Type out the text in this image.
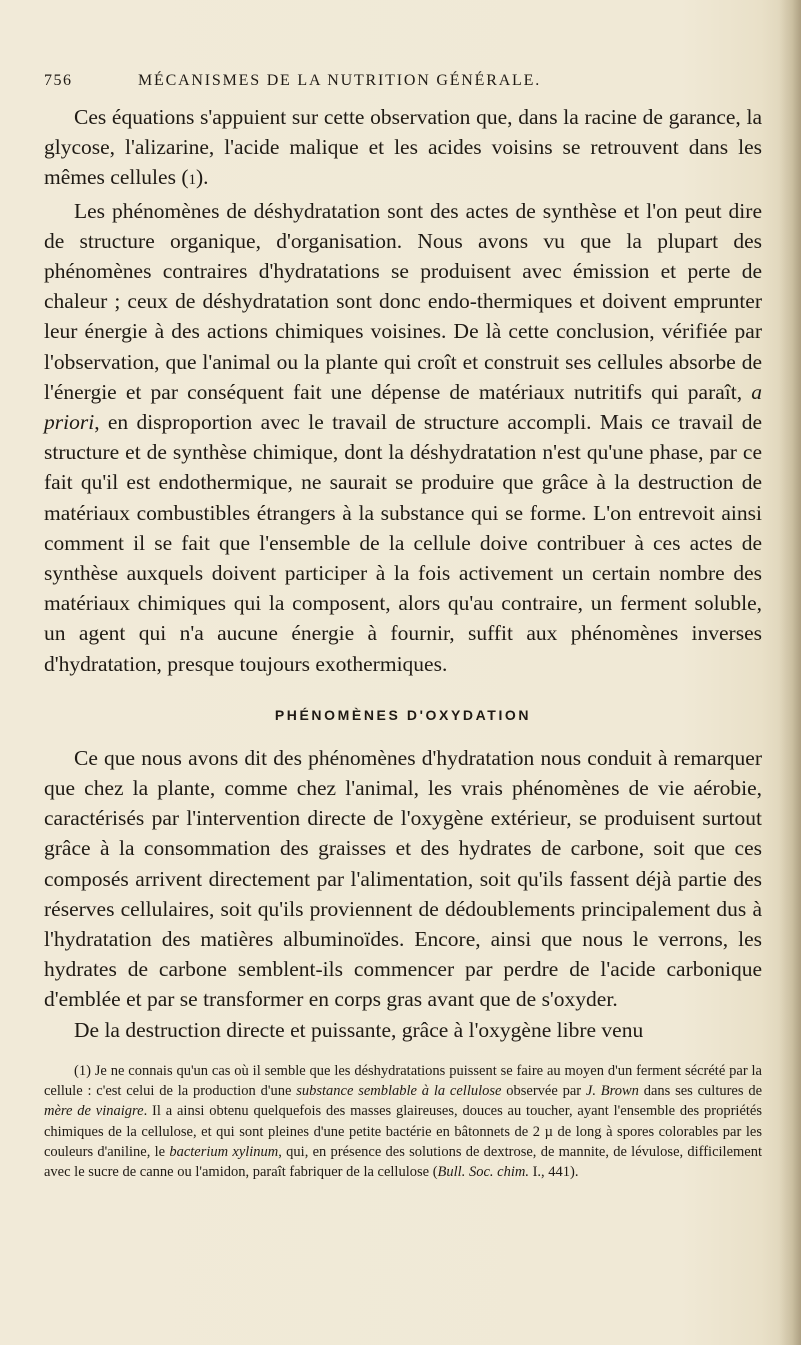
756	MÉCANISMES DE LA NUTRITION GÉNÉRALE.

Ces équations s'appuient sur cette observation que, dans la racine de garance, la glycose, l'alizarine, l'acide malique et les acides voisins se retrouvent dans les mêmes cellules (1).

Les phénomènes de déshydratation sont des actes de synthèse et l'on peut dire de structure organique, d'organisation. Nous avons vu que la plupart des phénomènes contraires d'hydratations se produisent avec émission et perte de chaleur ; ceux de déshydratation sont donc endo-thermiques et doivent emprunter leur énergie à des actions chimiques voisines. De là cette conclusion, vérifiée par l'observation, que l'animal ou la plante qui croît et construit ses cellules absorbe de l'énergie et par conséquent fait une dépense de matériaux nutritifs qui paraît, a priori, en disproportion avec le travail de structure accompli. Mais ce travail de structure et de synthèse chimique, dont la déshydratation n'est qu'une phase, par ce fait qu'il est endothermique, ne saurait se produire que grâce à la destruction de matériaux combustibles étrangers à la substance qui se forme. L'on entrevoit ainsi comment il se fait que l'ensemble de la cellule doive contribuer à ces actes de synthèse auxquels doivent participer à la fois activement un certain nombre des matériaux chimiques qui la composent, alors qu'au contraire, un ferment soluble, un agent qui n'a aucune énergie à fournir, suffit aux phénomènes inverses d'hydratation, presque toujours exothermiques.

PHÉNOMÈNES D'OXYDATION

Ce que nous avons dit des phénomènes d'hydratation nous conduit à remarquer que chez la plante, comme chez l'animal, les vrais phénomènes de vie aérobie, caractérisés par l'intervention directe de l'oxygène extérieur, se produisent surtout grâce à la consommation des graisses et des hydrates de carbone, soit que ces composés arrivent directement par l'alimentation, soit qu'ils fassent déjà partie des réserves cellulaires, soit qu'ils proviennent de dédoublements principalement dus à l'hydratation des matières albuminoïdes. Encore, ainsi que nous le verrons, les hydrates de carbone semblent-ils commencer par perdre de l'acide carbonique d'emblée et par se transformer en corps gras avant que de s'oxyder.

De la destruction directe et puissante, grâce à l'oxygène libre venu

(1) Je ne connais qu'un cas où il semble que les déshydratations puissent se faire au moyen d'un ferment sécrété par la cellule : c'est celui de la production d'une substance semblable à la cellulose observée par J. Brown dans ses cultures de mère de vinaigre. Il a ainsi obtenu quelquefois des masses glaireuses, douces au toucher, ayant l'ensemble des propriétés chimiques de la cellulose, et qui sont pleines d'une petite bactérie en bâtonnets de 2 µ de long à spores colorables par les couleurs d'aniline, le bacterium xylinum, qui, en présence des solutions de dextrose, de mannite, de lévulose, difficilement avec le sucre de canne ou l'amidon, paraît fabriquer de la cellulose (Bull. Soc. chim. I., 441).
